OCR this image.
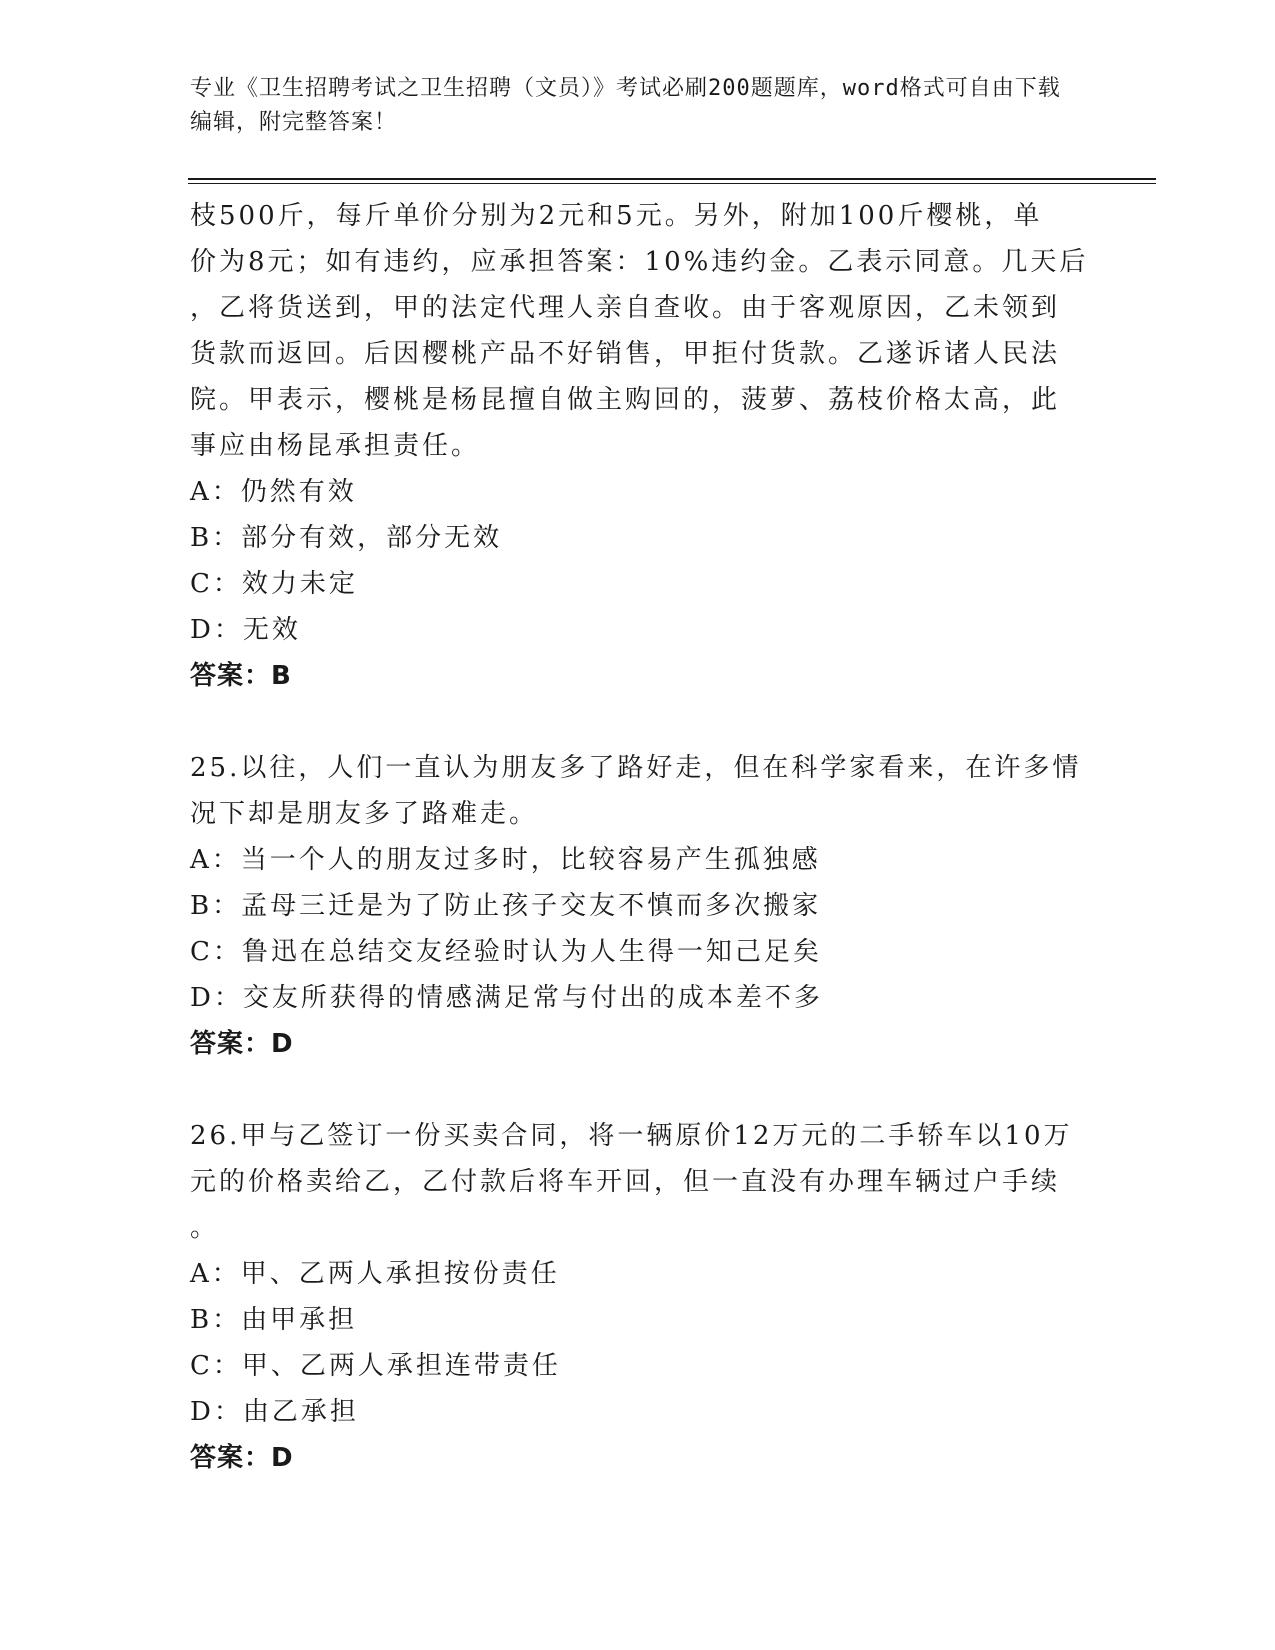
专业《卫生招聘考试之卫生招聘（文员）》考试必刷200题题库，word格式可自由下载编辑，附完整答案！

枝500斤，每斤单价分别为2元和5元。另外，附加100斤樱桃，单

价为8元；如有违约，应承担答案：10%违约金。乙表示同意。几天后

，乙将货送到，甲的法定代理人亲自查收。由于客观原因，乙未领到

货款而返回。后因樱桃产品不好销售，甲拒付货款。乙遂诉诸人民法

院。甲表示，樱桃是杨昆擅自做主购回的，菠萝、荔枝价格太高，此

事应由杨昆承担责任。

A：仍然有效

B：部分有效，部分无效

C：效力未定

D：无效

答案：B

25.以往，人们一直认为朋友多了路好走，但在科学家看来，在许多情

况下却是朋友多了路难走。

A：当一个人的朋友过多时，比较容易产生孤独感

B：孟母三迁是为了防止孩子交友不慎而多次搬家

C：鲁迅在总结交友经验时认为人生得一知己足矣

D：交友所获得的情感满足常与付出的成本差不多

答案：D

26.甲与乙签订一份买卖合同，将一辆原价12万元的二手轿车以10万

元的价格卖给乙，乙付款后将车开回，但一直没有办理车辆过户手续

。

A：甲、乙两人承担按份责任

B：由甲承担

C：甲、乙两人承担连带责任

D：由乙承担

答案：D
